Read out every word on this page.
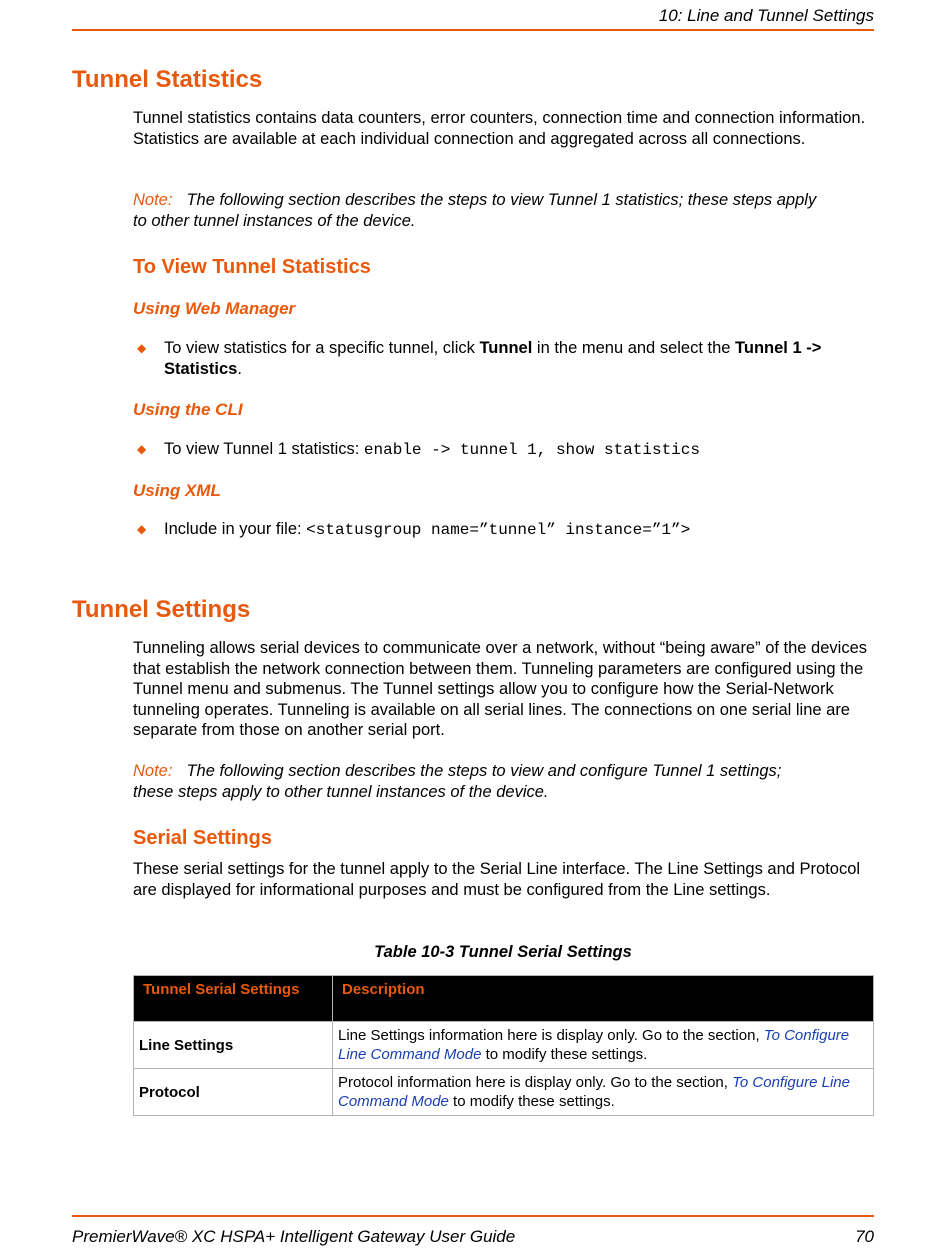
10: Line and Tunnel Settings
Tunnel Statistics
Tunnel statistics contains data counters, error counters, connection time and connection information. Statistics are available at each individual connection and aggregated across all connections.
Note: The following section describes the steps to view Tunnel 1 statistics; these steps apply to other tunnel instances of the device.
To View Tunnel Statistics
Using Web Manager
◆ To view statistics for a specific tunnel, click Tunnel in the menu and select the Tunnel 1 -> Statistics.
Using the CLI
◆ To view Tunnel 1 statistics: enable -> tunnel 1, show statistics
Using XML
◆ Include in your file: <statusgroup name=”tunnel” instance=”1”>
Tunnel Settings
Tunneling allows serial devices to communicate over a network, without “being aware” of the devices that establish the network connection between them. Tunneling parameters are configured using the Tunnel menu and submenus. The Tunnel settings allow you to configure how the Serial-Network tunneling operates. Tunneling is available on all serial lines. The connections on one serial line are separate from those on another serial port.
Note: The following section describes the steps to view and configure Tunnel 1 settings; these steps apply to other tunnel instances of the device.
Serial Settings
These serial settings for the tunnel apply to the Serial Line interface. The Line Settings and Protocol are displayed for informational purposes and must be configured from the Line settings.
Table 10-3 Tunnel Serial Settings
Tunnel Serial Settings	Description
Line Settings	Line Settings information here is display only. Go to the section, To Configure Line Command Mode to modify these settings.
Protocol	Protocol information here is display only. Go to the section, To Configure Line Command Mode to modify these settings.
PremierWave® XC HSPA+ Intelligent Gateway User Guide	70
